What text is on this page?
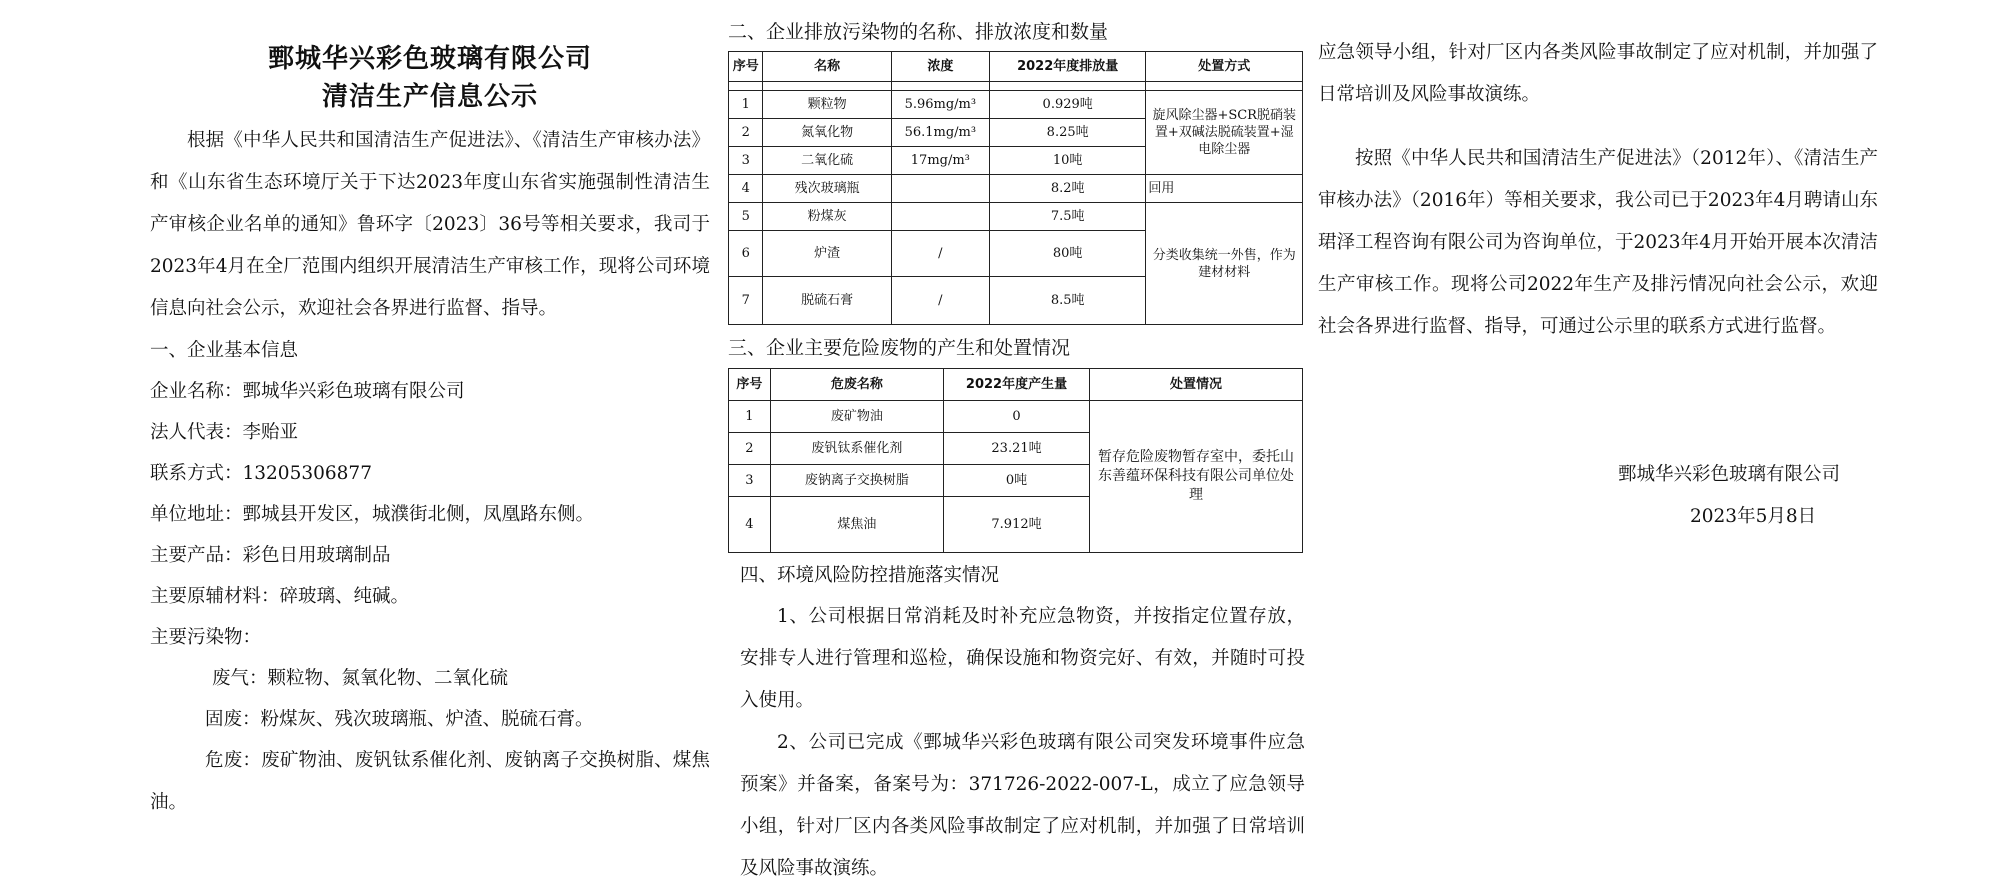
鄄城华兴彩色玻璃有限公司
清洁生产信息公示

根据《中华人民共和国清洁生产促进法》、《清洁生产审核办法》和《山东省生态环境厅关于下达2023年度山东省实施强制性清洁生产审核企业名单的通知》鲁环字〔2023〕36号等相关要求，我司于2023年4月在全厂范围内组织开展清洁生产审核工作，现将公司环境信息向社会公示，欢迎社会各界进行监督、指导。

一、企业基本信息

企业名称：鄄城华兴彩色玻璃有限公司

法人代表：李贻亚

联系方式：13205306877

单位地址：鄄城县开发区，城濮街北侧，凤凰路东侧。

主要产品：彩色日用玻璃制品

主要原辅材料：碎玻璃、纯碱。

主要污染物：

废气：颗粒物、氮氧化物、二氧化硫

固废：粉煤灰、残次玻璃瓶、炉渣、脱硫石膏。

危废：废矿物油、废钒钛系催化剂、废钠离子交换树脂、煤焦油。

二、企业排放污染物的名称、排放浓度和数量

序号	名称	浓度	2022年度排放量	处置方式

1	颗粒物	5.96mg/m³	0.929吨	旋风除尘器+SCR脱硝装置+双碱法脱硫装置+湿电除尘器
2	氮氧化物	56.1mg/m³	8.25吨	
3	二氧化硫	17mg/m³	10吨	
4	残次玻璃瓶		8.2吨	回用
5	粉煤灰		7.5吨	分类收集统一外售，作为建材材料
6	炉渣	/	80吨	
7	脱硫石膏	/	8.5吨	

三、企业主要危险废物的产生和处置情况

序号	危废名称	2022年度产生量	处置情况
1	废矿物油	0	暂存危险废物暂存室中，委托山东善蕴环保科技有限公司单位处理
2	废钒钛系催化剂	23.21吨	
3	废钠离子交换树脂	0吨	
4	煤焦油	7.912吨	

四、环境风险防控措施落实情况

1、公司根据日常消耗及时补充应急物资，并按指定位置存放，安排专人进行管理和巡检，确保设施和物资完好、有效，并随时可投入使用。

2、公司已完成《鄄城华兴彩色玻璃有限公司突发环境事件应急预案》并备案，备案号为：371726-2022-007-L，成立了应急领导小组，针对厂区内各类风险事故制定了应对机制，并加强了日常培训及风险事故演练。

应急领导小组，针对厂区内各类风险事故制定了应对机制，并加强了日常培训及风险事故演练。

按照《中华人民共和国清洁生产促进法》（2012年）、《清洁生产审核办法》（2016年）等相关要求，我公司已于2023年4月聘请山东珺泽工程咨询有限公司为咨询单位，于2023年4月开始开展本次清洁生产审核工作。现将公司2022年生产及排污情况向社会公示，欢迎社会各界进行监督、指导，可通过公示里的联系方式进行监督。

鄄城华兴彩色玻璃有限公司

2023年5月8日
